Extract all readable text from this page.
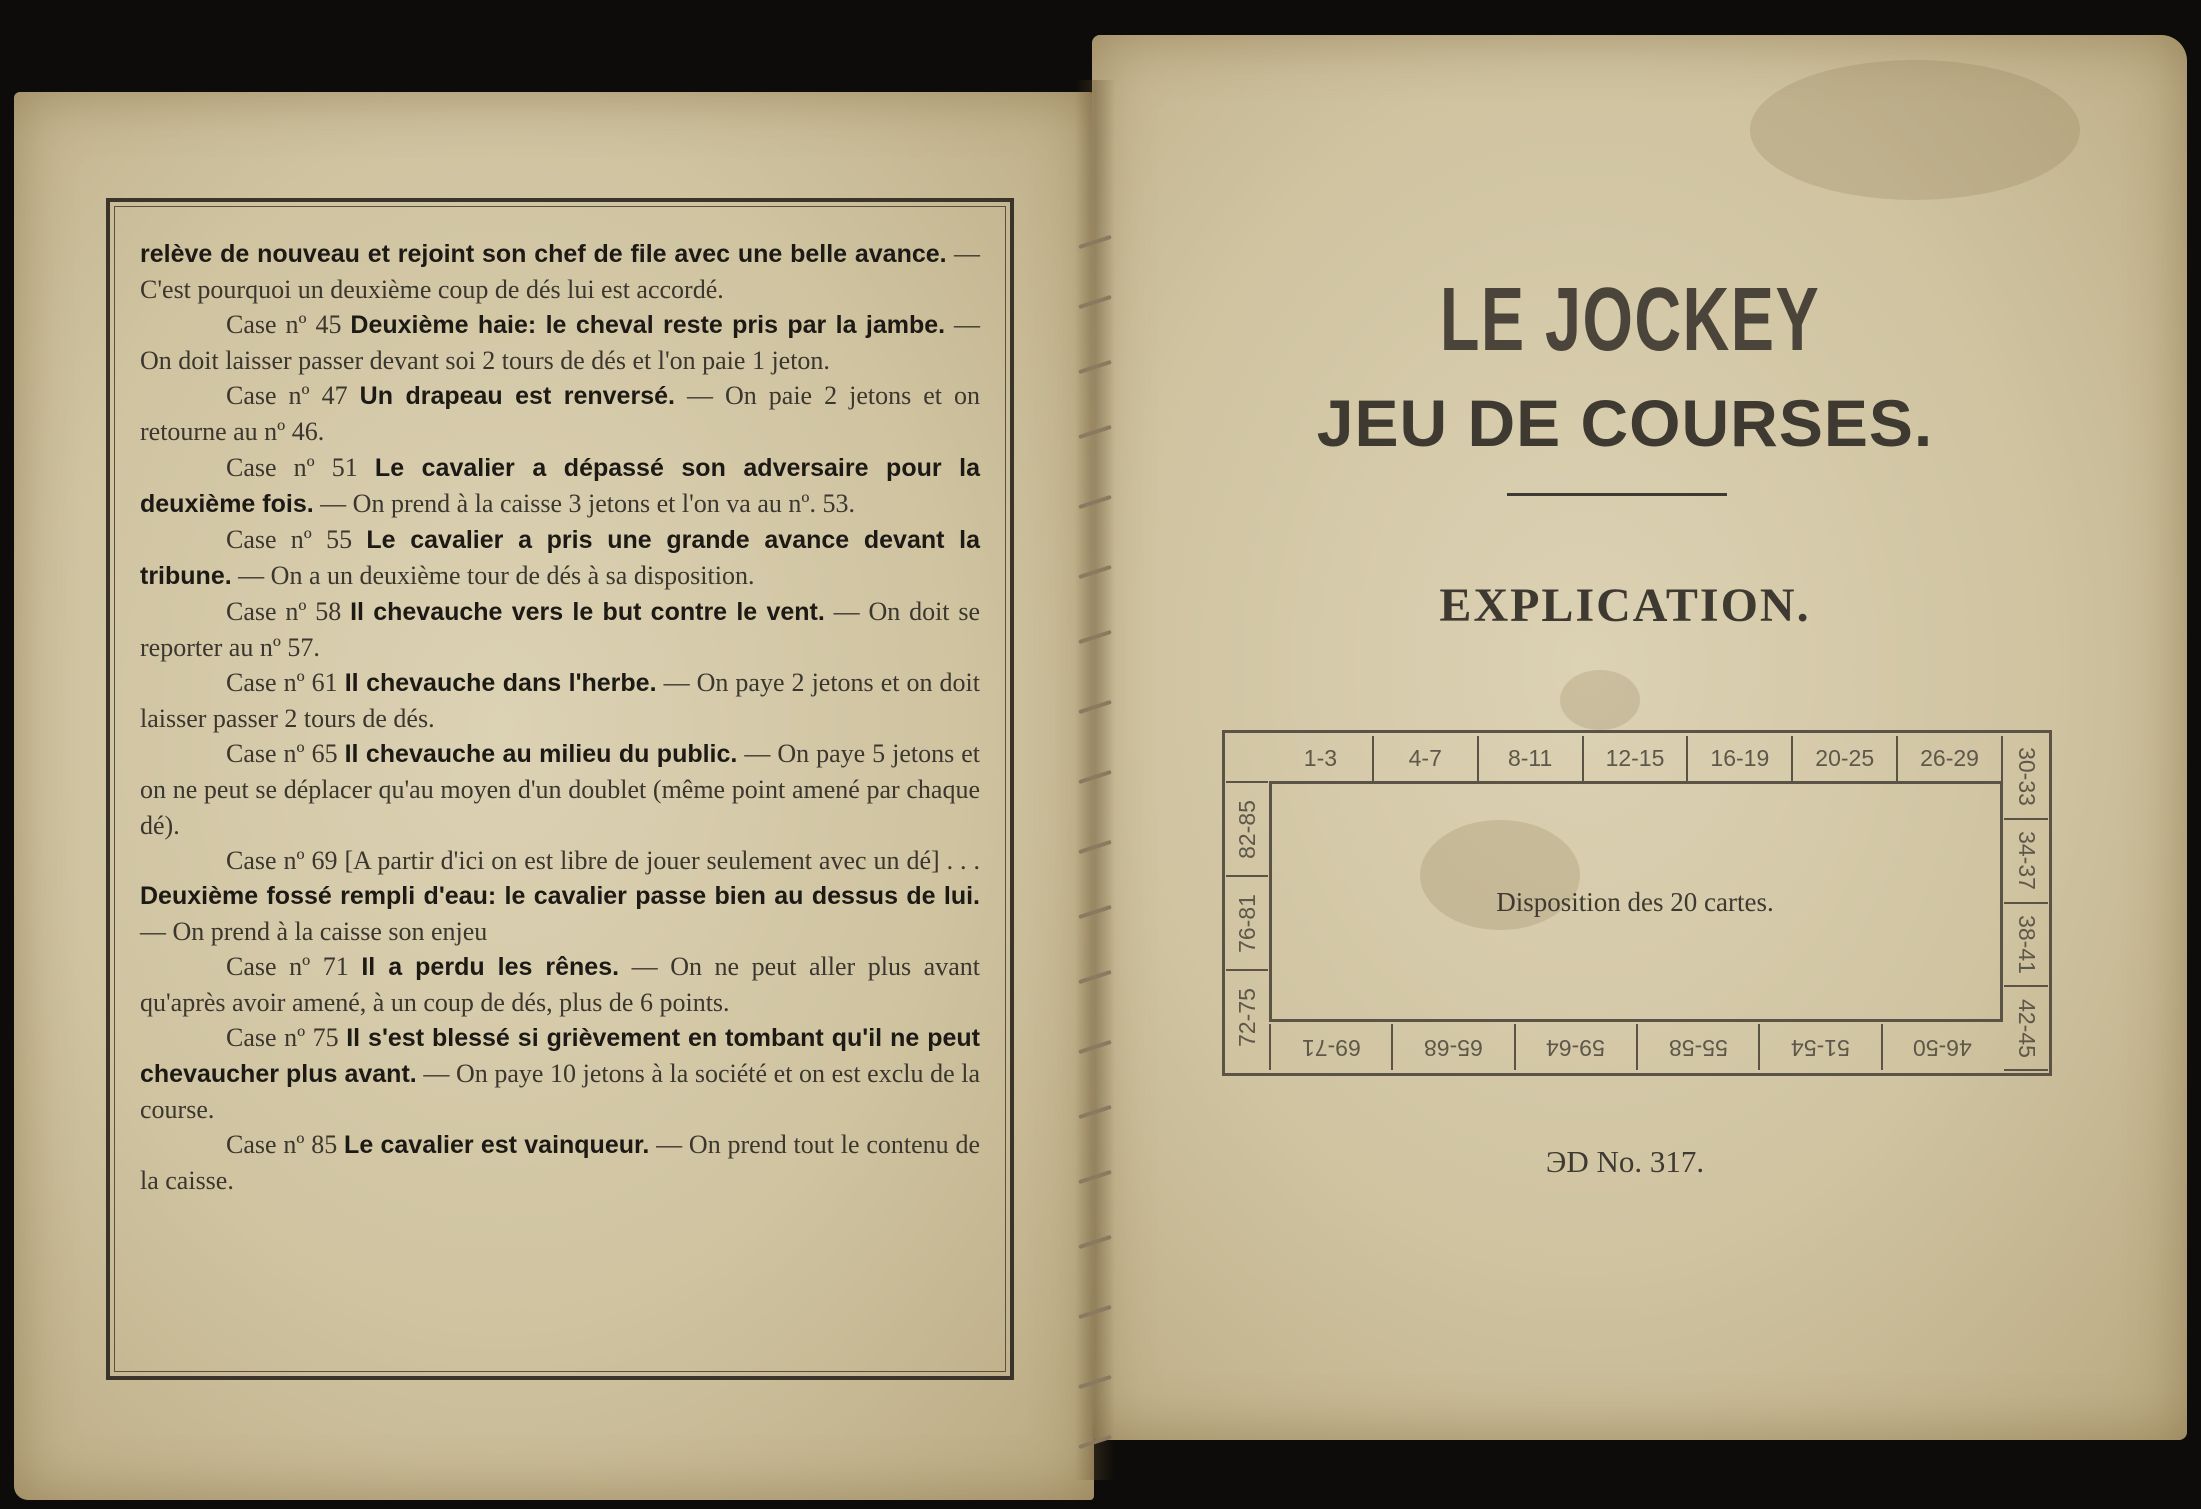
relève de nouveau et rejoint son chef de file avec une belle avance. — C'est pourquoi un deuxième coup de dés lui est accordé.

Case nº 45 Deuxième haie: le cheval reste pris par la jambe. — On doit laisser passer devant soi 2 tours de dés et l'on paie 1 jeton.

Case nº 47 Un drapeau est renversé. — On paie 2 jetons et on retourne au nº 46.

Case nº 51 Le cavalier a dépassé son adversaire pour la deuxième fois. — On prend à la caisse 3 jetons et l'on va au nº. 53.

Case nº 55 Le cavalier a pris une grande avance devant la tribune. — On a un deuxième tour de dés à sa disposition.

Case nº 58 Il chevauche vers le but contre le vent. — On doit se reporter au nº 57.

Case nº 61 Il chevauche dans l'herbe. — On paye 2 jetons et on doit laisser passer 2 tours de dés.

Case nº 65 Il chevauche au milieu du public. — On paye 5 jetons et on ne peut se déplacer qu'au moyen d'un doublet (même point amené par chaque dé).

Case nº 69 [A partir d'ici on est libre de jouer seulement avec un dé] . . . Deuxième fossé rempli d'eau: le cavalier passe bien au dessus de lui. — On prend à la caisse son enjeu

Case nº 71 Il a perdu les rênes. — On ne peut aller plus avant qu'après avoir amené, à un coup de dés, plus de 6 points.

Case nº 75 Il s'est blessé si grièvement en tombant qu'il ne peut chevaucher plus avant. — On paye 10 jetons à la société et on est exclu de la course.

Case nº 85 Le cavalier est vainqueur. — On prend tout le contenu de la caisse.

LE JOCKEY
JEU DE COURSES.
EXPLICATION.
1-3	4-7	8-11 12-15 16-19 20-25 26-29
46-50
51-54
55-58
59-64
65-68
69-71
30-33
34-37
38-41
42-45
72-75
76-81
82-85
Disposition des 20 cartes.
ЭD No. 317.
